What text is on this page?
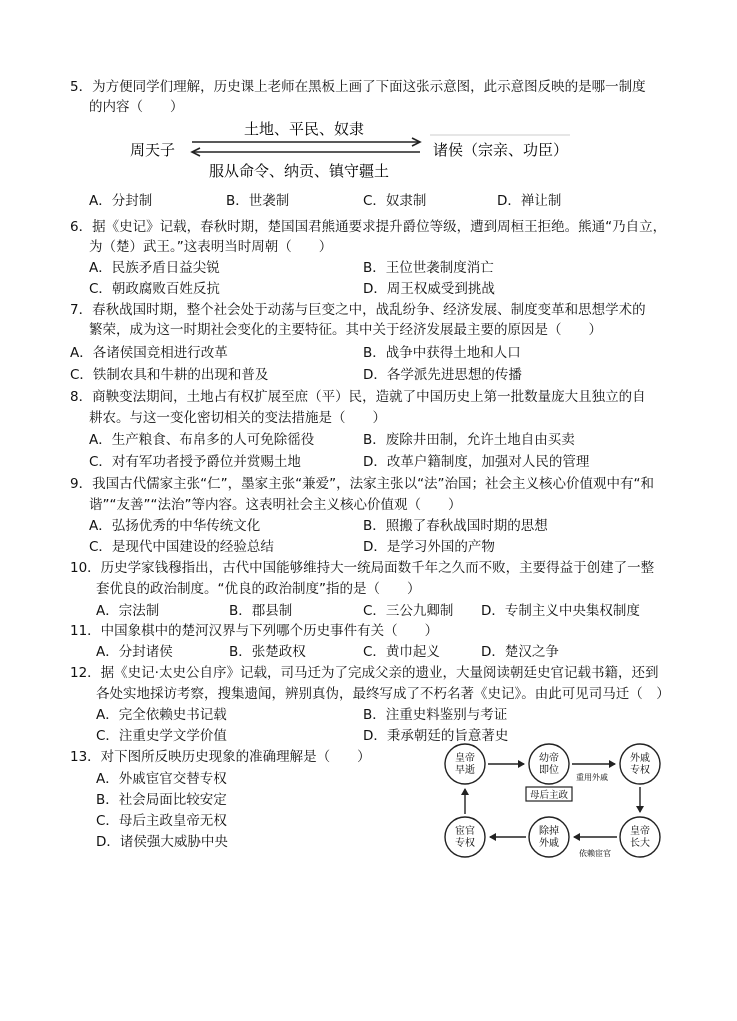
5．为方便同学们理解，历史课上老师在黑板上画了下面这张示意图，此示意图反映的是哪一制度
的内容（　　）
周天子	诸侯（宗亲、功臣）
土地、平民、奴隶
服从命令、纳贡、镇守疆土
A．分封制	B．世袭制	C．奴隶制	D．禅让制
6．据《史记》记载，春秋时期，楚国国君熊通要求提升爵位等级，遭到周桓王拒绝。熊通“乃自立，
为（楚）武王。”这表明当时周朝（　　）
A．民族矛盾日益尖锐	B．王位世袭制度消亡
C．朝政腐败百姓反抗	D．周王权威受到挑战
7．春秋战国时期，整个社会处于动荡与巨变之中，战乱纷争、经济发展、制度变革和思想学术的
繁荣，成为这一时期社会变化的主要特征。其中关于经济发展最主要的原因是（　　）
A．各诸侯国竞相进行改革	B．战争中获得土地和人口
C．铁制农具和牛耕的出现和普及	D．各学派先进思想的传播
8．商鞅变法期间，土地占有权扩展至庶（平）民，造就了中国历史上第一批数量庞大且独立的自
耕农。与这一变化密切相关的变法措施是（　　）
A．生产粮食、布帛多的人可免除徭役	B．废除井田制，允许土地自由买卖
C．对有军功者授予爵位并赏赐土地	D．改革户籍制度，加强对人民的管理
9．我国古代儒家主张“仁”，墨家主张“兼爱”，法家主张以“法”治国；社会主义核心价值观中有“和
谐”“友善”“法治”等内容。这表明社会主义核心价值观（　　）
A．弘扬优秀的中华传统文化	B．照搬了春秋战国时期的思想
C．是现代中国建设的经验总结	D．是学习外国的产物
10．历史学家钱穆指出，古代中国能够维持大一统局面数千年之久而不败，主要得益于创建了一整
套优良的政治制度。“优良的政治制度”指的是（　　）
A．宗法制	B．郡县制	C．三公九卿制 D．专制主义中央集权制度
11．中国象棋中的楚河汉界与下列哪个历史事件有关（　　）
A．分封诸侯	B．张楚政权	C．黄巾起义	D．楚汉之争
12．据《史记·太史公自序》记载，司马迁为了完成父亲的遗业，大量阅读朝廷史官记载书籍，还到
各处实地採访考察，搜集遗闻，辨别真伪，最终写成了不朽名著《史记》。由此可见司马迁（　）
A．完全依赖史书记载	B．注重史料鉴别与考证
C．注重史学文学价值	D．秉承朝廷的旨意著史
13．对下图所反映历史现象的准确理解是（　　）
A．外戚宦官交替专权
B．社会局面比较安定
C．母后主政皇帝无权
D．诸侯强大威胁中央
皇帝
早逝
幼帝
即位
外戚
专权
皇帝
长大
除掉
外戚
宦官
专权
母后主政
重用外戚
依赖宦官
